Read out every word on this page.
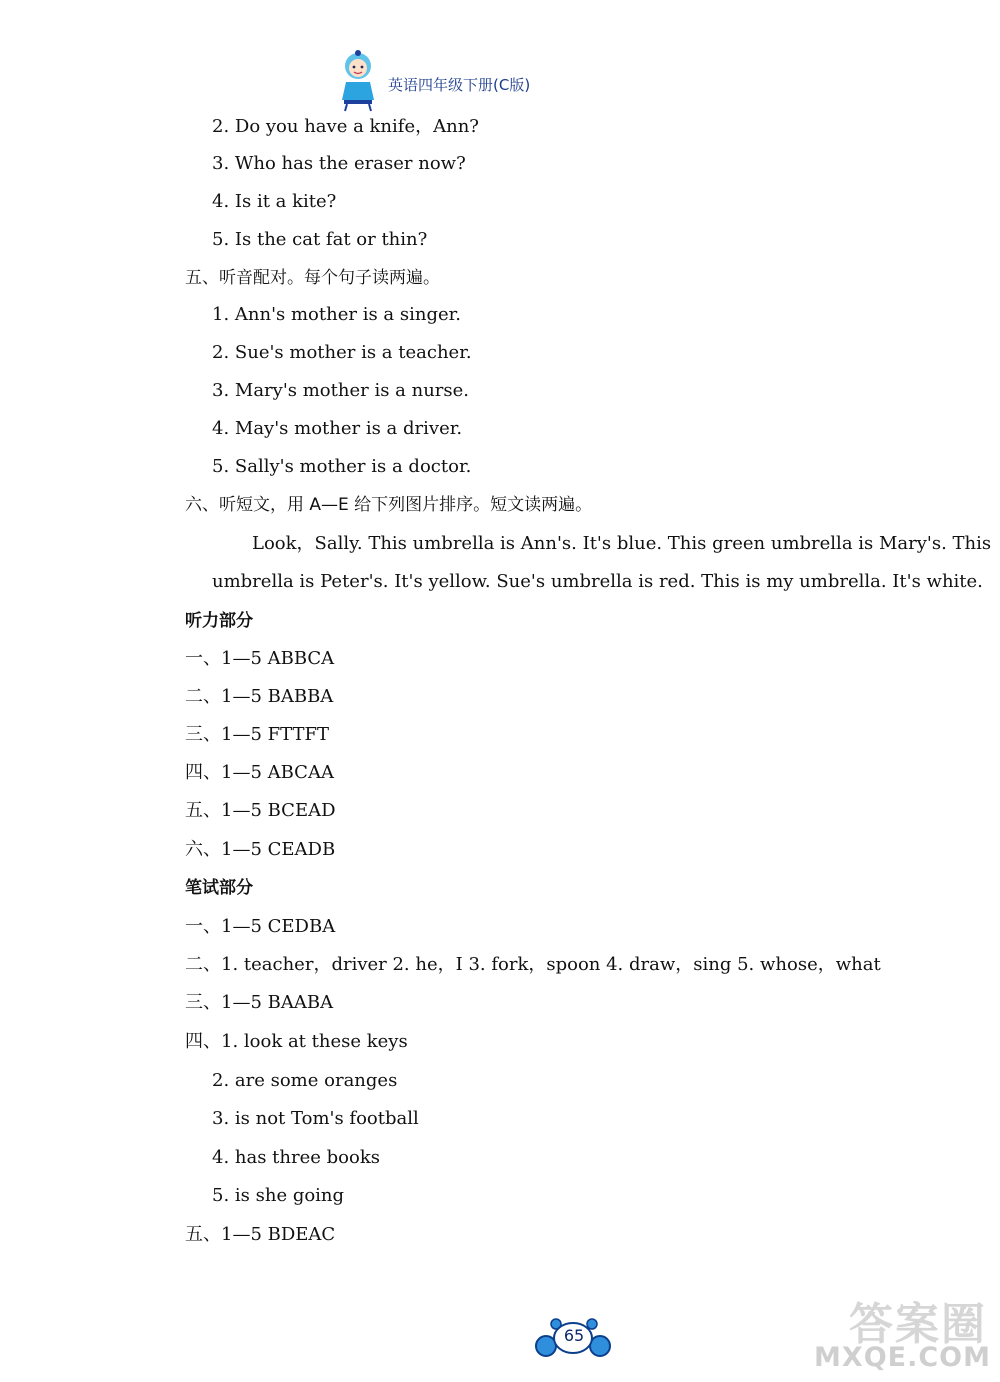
英语四年级下册(C版)
2. Do you have a knife，Ann?
3. Who has the eraser now?
4. Is it a kite?
5. Is the cat fat or thin?
五、听音配对。每个句子读两遍。
1. Ann's mother is a singer.
2. Sue's mother is a teacher.
3. Mary's mother is a nurse.
4. May's mother is a driver.
5. Sally's mother is a doctor.
六、听短文，用 A—E 给下列图片排序。短文读两遍。
Look，Sally. This umbrella is Ann's. It's blue. This green umbrella is Mary's. This
umbrella is Peter's. It's yellow. Sue's umbrella is red. This is my umbrella. It's white.
听力部分
一、1—5 ABBCA
二、1—5 BABBA
三、1—5 FTTFT
四、1—5 ABCAA
五、1—5 BCEAD
六、1—5 CEADB
笔试部分
一、1—5 CEDBA
二、1. teacher，driver 2. he，I 3. fork，spoon 4. draw，sing 5. whose，what
三、1—5 BAABA
四、1. look at these keys
2. are some oranges
3. is not Tom's football
4. has three books
5. is she going
五、1—5 BDEAC
65	答案圈
MXQE.COM
